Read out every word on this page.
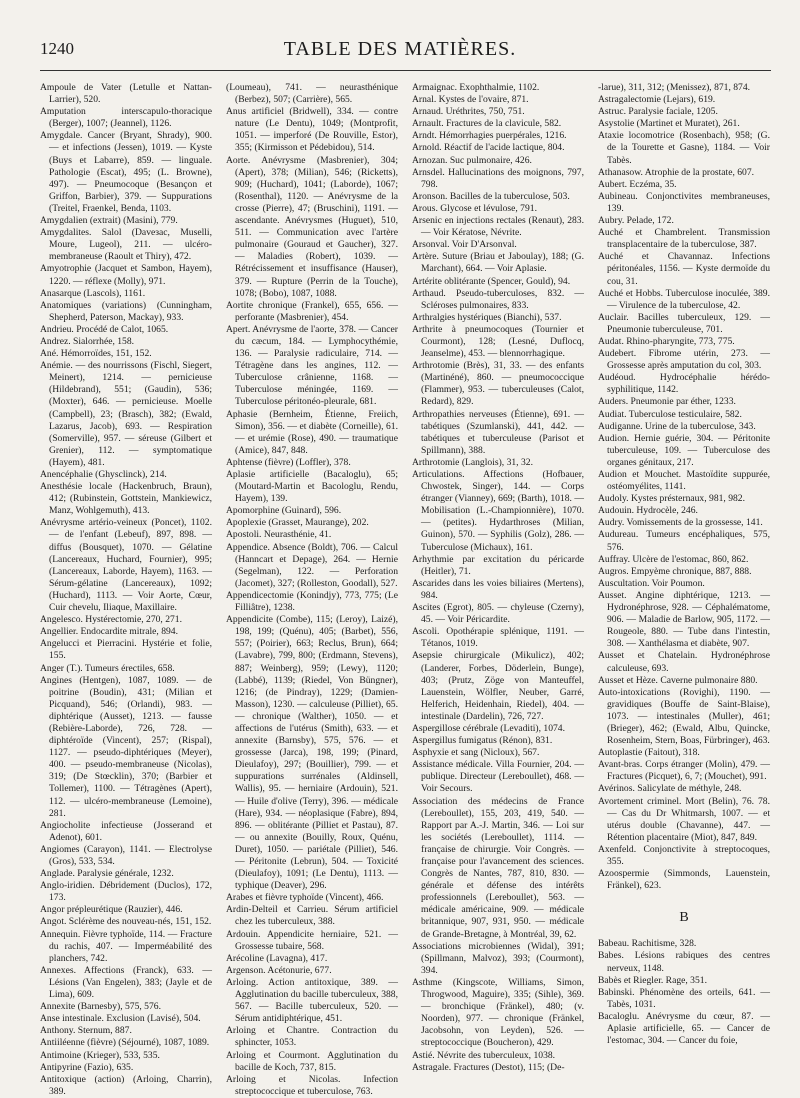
1240	TABLE DES MATIÈRES.

Ampoule de Vater (Letulle et Nattan-Larrier), 520.

Amputation interscapulo-thoracique (Berger), 1007; (Jeannel), 1126.

Amygdale. Cancer (Bryant, Shrady), 900. — et infections (Jessen), 1019. — Kyste (Buys et Labarre), 859. — linguale. Pathologie (Escat), 495; (L. Browne), 497). — Pneumocoque (Besançon et Griffon, Barbier), 379. — Suppurations (Treitel, Fraenkel, Benda, 1103.

Amygdalien (extrait) (Masini), 779.

Amygdalites. Salol (Daveзac, Muselli, Moure, Lugeol), 211. — ulcéro-membraneuse (Raoult et Thiry), 472.

Amyotrophie (Jacquet et Sambon, Hayem), 1220. — réflexe (Molly), 971.

Anasarque (Lascols), 1161.

Anatomiques (variations) (Cunningham, Shepherd, Paterson, Mackay), 933.

Andrieu. Procédé de Calot, 1065.

Andrez. Sialorrhée, 158.

Ané. Hémorroïdes, 151, 152.

Anémie. — des nourrissons (Fischl, Siegert, Meinert), 1214. — pernicieuse (Hildebrand), 551; (Gaudin), 536; (Moxter), 646. — pernicieuse. Moelle (Campbell), 23; (Brasch), 382; (Ewald, Lazarus, Jacob), 693. — Respiration (Somerville), 957. — séreuse (Gilbert et Grenier), 112. — symptomatique (Hayem), 481.

Anencéphalie (Ghysclinck), 214.

Anesthésie locale (Hackenbruch, Braun), 412; (Rubinstein, Gottstein, Mankiewicz, Manz, Wohlgemuth), 413.

Anévrysme artério-veineux (Poncet), 1102. — de l'enfant (Lebeuf), 897, 898. — diffus (Bousquet), 1070. — Gélatine (Lancereaux, Huchard, Fournier), 995; (Lancereaux, Laborde, Hayem), 1163. — Sérum-gélatine (Lancereaux), 1092; (Huchard), 1113. — Voir Aorte, Cœur, Cuir chevelu, Iliaque, Maxillaire.

Angelesco. Hystérectomie, 270, 271.

Angellier. Endocardite mitrale, 894.

Angelucci et Pierracini. Hystérie et folie, 155.

Anger (T.). Tumeurs érectiles, 658.

Angines (Hentgen), 1087, 1089. — de poitrine (Boudin), 431; (Milian et Picquand), 546; (Orlandi), 983. — diphtérique (Ausset), 1213. — fausse (Rebière-Laborde), 726, 728. — diphtéroïde (Vincent), 257; (Rispal), 1127. — pseudo-diphtériques (Meyer), 400. — pseudo-membraneuse (Nicolas), 319; (De Stœcklin), 370; (Barbier et Tollemer), 1100. — Tétragènes (Apert), 112. — ulcéro-membraneuse (Lemoine), 281.

Angiocholite infectieuse (Josserand et Adenot), 601.

Angiomes (Carayon), 1141. — Electrolyse (Gros), 533, 534.

Anglade. Paralysie générale, 1232.

Anglo-iridien. Débridement (Duclos), 172, 173.

Angor prépleurétique (Rauzier), 446.

Angot. Sclérème des nouveau-nés, 151, 152.

Annequin. Fièvre typhoïde, 114. — Fracture du rachis, 407. — Imperméabilité des planchers, 742.

Annexes. Affections (Franck), 633. — Lésions (Van Engelen), 383; (Jayle et de Lima), 609.

Annexite (Barnesby), 575, 576.

Anse intestinale. Exclusion (Lavisé), 504.

Anthony. Sternum, 887.

Antiiléenne (fièvre) (Séjourné), 1087, 1089.

Antimoine (Krieger), 533, 535.

Antipyrine (Fazio), 635.

Antitoxique (action) (Arloing, Charrin), 389.

(Loumeau), 741. — neurasthénique (Berbez), 507; (Carrière), 565.

Anus artificiel (Bridwell), 334. — contre nature (Le Dentu), 1049; (Montprofit, 1051. — imperforé (De Rouville, Estor), 355; (Kirmisson et Pédebidou), 514.

Aorte. Anévrysme (Masbrenier), 304; (Apert), 378; (Milian), 546; (Ricketts), 909; (Huchard), 1041; (Laborde), 1067; (Rosenthal), 1120. — Anévrysme de la crosse (Pierre), 47; (Bruschini), 1191. — ascendante. Anévrysmes (Huguet), 510, 511. — Communication avec l'artère pulmonaire (Gouraud et Gaucher), 327. — Maladies (Robert), 1039. — Rétrécissement et insuffisance (Hauser), 379. — Rupture (Perrin de la Touche), 1078; (Bobo), 1087, 1088.

Aortite chronique (Frankel), 655, 656. — perforante (Masbrenier), 454.

Apert. Anévrysme de l'aorte, 378. — Cancer du cæcum, 184. — Lymphocythémie, 136. — Paralysie radiculaire, 714. — Tétragène dans les angines, 112. — Tuberculose crânienne, 1168. — Tuberculose méningée, 1169. — Tuberculose péritonéo-pleurale, 681.

Aphasie (Bernheim, Étienne, Freiich, Simon), 356. — et diabète (Corneille), 61. — et urémie (Rose), 490. — traumatique (Amice), 847, 848.

Aphtense (fièvre) (Loffler), 378.

Aplasie artificielle (Bacaloglu), 65; (Moutard-Martin et Bacologlu, Rendu, Hayem), 139.

Apomorphine (Guinard), 596.

Apoplexie (Grasset, Maurange), 202.

Apostoli. Neurasthénie, 41.

Appendice. Absence (Boldt), 706. — Calcul (Hanncart et Depage), 264. — Hernie (Segelman), 122. — Perforation (Jacomet), 327; (Rolleston, Goodall), 527.

Appendicectomie (Konindjy), 773, 775; (Le Filliâtre), 1238.

Appendicite (Combe), 115; (Leroy), Laizé), 198, 199; (Quénu), 405; (Barbet), 556, 557; (Poirier), 663; Reclus, Brun), 664; (Lavabre), 799, 800; (Erdmann, Stevens), 887; Weinberg), 959; (Lewy), 1120; (Labbé), 1139; (Riedel, Von Büngner), 1216; (de Pindray), 1229; (Damien-Masson), 1230. — calculeuse (Pilliet), 65. — chronique (Walther), 1050. — et affections de l'utérus (Smith), 633. — et annexite (Barnsby), 575, 576. — et grossesse (Jarca), 198, 199; (Pinard, Dieulafoy), 297; (Bouillier), 799. — et suppurations surrénales (Aldinsell, Wallis), 95. — herniaire (Ardouin), 521. — Huile d'olive (Terry), 396. — médicale (Hare), 934. — néoplasique (Fabre), 894, 896. — oblitérante (Pilliet et Pastau), 87. — ou annexite (Bouilly, Roux, Quénu, Duret), 1050. — pariétale (Pilliet), 546. — Péritonite (Lebrun), 504. — Toxicité (Dieulafoy), 1091; (Le Dentu), 1113. — typhique (Deaver), 296.

Arabes et fièvre typhoïde (Vincent), 466.

Ardin-Delteil et Carrieu. Sérum artificiel chez les tuberculeux, 388.

Ardouin. Appendicite herniaire, 521. — Grossesse tubaire, 568.

Arécoline (Lavagna), 417.

Argenson. Acétonurie, 677.

Arloing. Action antitoxique, 389. — Agglutination du bacille tuberculeux, 388, 567. — Bacille tuberculeux, 520. — Sérum antidiphtérique, 451.

Arloing et Chantre. Contraction du sphincter, 1053.

Arloing et Courmont. Agglutination du bacille de Koch, 737, 815.

Arloing et Nicolas. Infection streptococcique et tuberculose, 763.

Armaignac. Exophthalmie, 1102.

Arnal. Kystes de l'ovaire, 871.

Arnaud. Uréthrites, 750, 751.

Arnault. Fractures de la clavicule, 582.

Arndt. Hémorrhagies puerpérales, 1216.

Arnold. Réactif de l'acide lactique, 804.

Arnozan. Suc pulmonaire, 426.

Arnsdel. Hallucinations des moignons, 797, 798.

Aronson. Bacilles de la tuberculose, 503.

Arous. Glycose et lévulose, 791.

Arsenic en injections rectales (Renaut), 283. — Voir Kératose, Névrite.

Arsonval. Voir D'Arsonval.

Artère. Suture (Briau et Jaboulay), 188; (G. Marchant), 664. — Voir Aplasie.

Artérite oblitérante (Spencer, Gould), 94.

Arthaud. Pseudo-tuberculoses, 832. — Scléroses pulmonaires, 833.

Arthralgies hystériques (Bianchi), 537.

Arthrite à pneumocoques (Tournier et Courmont), 128; (Lesné, Duflocq, Jeanselme), 453. — blennorrhagique.

Arthrotomie (Brès), 31, 33. — des enfants (Martinéné), 860. — pneumococcique (Flammer), 953. — tuberculeuses (Calot, Redard), 829.

Arthropathies nerveuses (Étienne), 691. — tabétiques (Szumlanski), 441, 442. — tabétiques et tuberculeuse (Parisot et Spillmann), 388.

Arthrotomie (Langlois), 31, 32.

Articulations. Affections (Hofbauer, Chwostek, Singer), 144. — Corps étranger (Vianney), 669; (Barth), 1018. — Mobilisation (L.-Championnière), 1070. — (petites). Hydarthroses (Milian, Guinon), 570. — Syphilis (Golz), 286. — Tuberculose (Michaux), 161.

Arhythmie par excitation du péricarde (Heitler), 71.

Ascarides dans les voies biliaires (Mertens), 984.

Ascites (Egrot), 805. — chyleuse (Czerny), 45. — Voir Péricardite.

Ascoli. Opothérapie splénique, 1191. — Tétanos, 1019.

Asepsie chirurgicale (Mikulicz), 402; (Landerer, Forbes, Döderlein, Bunge), 403; (Prutz, Zöge von Manteuffel, Lauenstein, Wölfler, Neuber, Garré, Helferich, Heidenhain, Riedel), 404. — intestinale (Dardelin), 726, 727.

Aspergillose cérébrale (Levaditi), 1074.

Aspergillus fumigatus (Rénon), 831.

Asphyxie et sang (Nicloux), 567.

Assistance médicale. Villa Fournier, 204. — publique. Directeur (Lereboullet), 468. — Voir Secours.

Association des médecins de France (Lereboullet), 155, 203, 419, 540. — Rapport par A.-J. Martin, 346. — Loi sur les sociétés (Lereboullet), 1114. — française de chirurgie. Voir Congrès. — française pour l'avancement des sciences. Congrès de Nantes, 787, 810, 830. — générale et défense des intérêts professionnels (Lereboullet), 563. — médicale américaine, 909. — médicale britannique, 907, 931, 950. — médicale de Grande-Bretagne, à Montréal, 39, 62.

Associations microbiennes (Widal), 391; (Spillmann, Malvoz), 393; (Courmont), 394.

Asthme (Kingscote, Williams, Simon, Throgwood, Maguire), 335; (Sihle), 369. — bronchique (Fränkel), 480; (v. Noorden), 977. — chronique (Fränkel, Jacobsohn, von Leyden), 526. — streptococcique (Boucheron), 429.

Astié. Névrite des tuberculeux, 1038.

Astragale. Fractures (Destot), 115; (De-

-larue), 311, 312; (Menissez), 871, 874.

Astragalectomie (Lejars), 619.

Astruc. Paralysie faciale, 1205.

Asystolie (Martinet et Muratet), 261.

Ataxie locomotrice (Rosenbach), 958; (G. de la Tourette et Gasne), 1184. — Voir Tabès.

Athanasow. Atrophie de la prostate, 607.

Aubert. Eczéma, 35.

Aubineau. Conjonctivites membraneuses, 139.

Aubry. Pelade, 172.

Auché et Chambrelent. Transmission transplacentaire de la tuberculose, 387.

Auché et Chavannaz. Infections péritonéales, 1156. — Kyste dermoïde du cou, 31.

Auché et Hobbs. Tuberculose inoculée, 389. — Virulence de la tuberculose, 42.

Auclair. Bacilles tuberculeux, 129. — Pneumonie tuberculeuse, 701.

Audat. Rhino-pharyngite, 773, 775.

Audebert. Fibrome utérin, 273. — Grossesse après amputation du col, 303.

Audéoud. Hydrocéphalie hérédo-syphilitique, 1142.

Auders. Pneumonie par éther, 1233.

Audiat. Tuberculose testiculaire, 582.

Audiganne. Urine de la tuberculose, 343.

Audion. Hernie guérie, 304. — Péritonite tuberculeuse, 109. — Tuberculose des organes génitaux, 217.

Audion et Mouchet. Mastoïdite suppurée, ostéomyélites, 1141.

Audoly. Kystes présternaux, 981, 982.

Audouin. Hydrocèle, 246.

Audry. Vomissements de la grossesse, 141.

Audureau. Tumeurs encéphaliques, 575, 576.

Auffray. Ulcère de l'estomac, 860, 862.

Augros. Empyème chronique, 887, 888.

Auscultation. Voir Poumon.

Ausset. Angine diphtérique, 1213. — Hydronéphrose, 928. — Céphalématome, 906. — Maladie de Barlow, 905, 1172. — Rougeole, 880. — Tube dans l'intestin, 308. — Xanthélasma et diabète, 907.

Ausset et Chatelain. Hydronéphrose calculeuse, 693.

Ausset et Hèze. Caverne pulmonaire 880.

Auto-intoxications (Rovighi), 1190. — gravidiques (Bouffe de Saint-Blaise), 1073. — intestinales (Muller), 461; (Brieger), 462; (Ewald, Albu, Quincke, Rosenheim, Stern, Boas, Fürbringer), 463.

Autoplastie (Faitout), 318.

Avant-bras. Corps étranger (Molin), 479. — Fractures (Picquet), 6, 7; (Mouchet), 991.

Avérinos. Salicylate de méthyle, 248.

Avortement criminel. Mort (Belin), 76. 78. — Cas du Dr Whitmarsh, 1007. — et utérus double (Chavanne), 447. — Rétention placentaire (Miot), 847, 849.

Axenfeld. Conjonctivite à streptocoques, 355.

Azoospermie (Simmonds, Lauenstein, Fränkel), 623.

B

Babeau. Rachitisme, 328.

Babes. Lésions rabiques des centres nerveux, 1148.

Babès et Riegler. Rage, 351.

Babinski. Phénomène des orteils, 641. — Tabès, 1031.

Bacaloglu. Anévrysme du cœur, 87. — Aplasie artificielle, 65. — Cancer de l'estomac, 304. — Cancer du foie,
